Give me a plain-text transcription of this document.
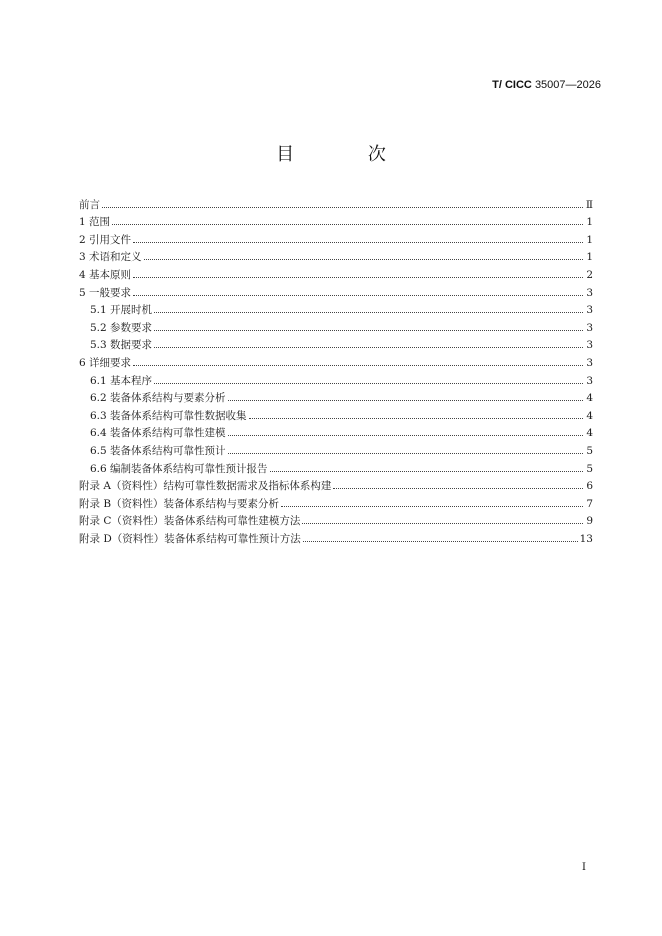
T/ CICC 35007—2026
目 次
前言	Ⅱ
1 范围	1
2 引用文件	1
3 术语和定义	1
4 基本原则	2
5 一般要求	3
5.1 开展时机	3
5.2 参数要求	3
5.3 数据要求	3
6 详细要求	3
6.1 基本程序	3
6.2 装备体系结构与要素分析	4
6.3 装备体系结构可靠性数据收集	4
6.4 装备体系结构可靠性建模	4
6.5 装备体系结构可靠性预计	5
6.6 编制装备体系结构可靠性预计报告	5
附录 A（资料性）结构可靠性数据需求及指标体系构建	6
附录 B（资料性）装备体系结构与要素分析	7
附录 C（资料性）装备体系结构可靠性建模方法	9
附录 D（资料性）装备体系结构可靠性预计方法	13
I
